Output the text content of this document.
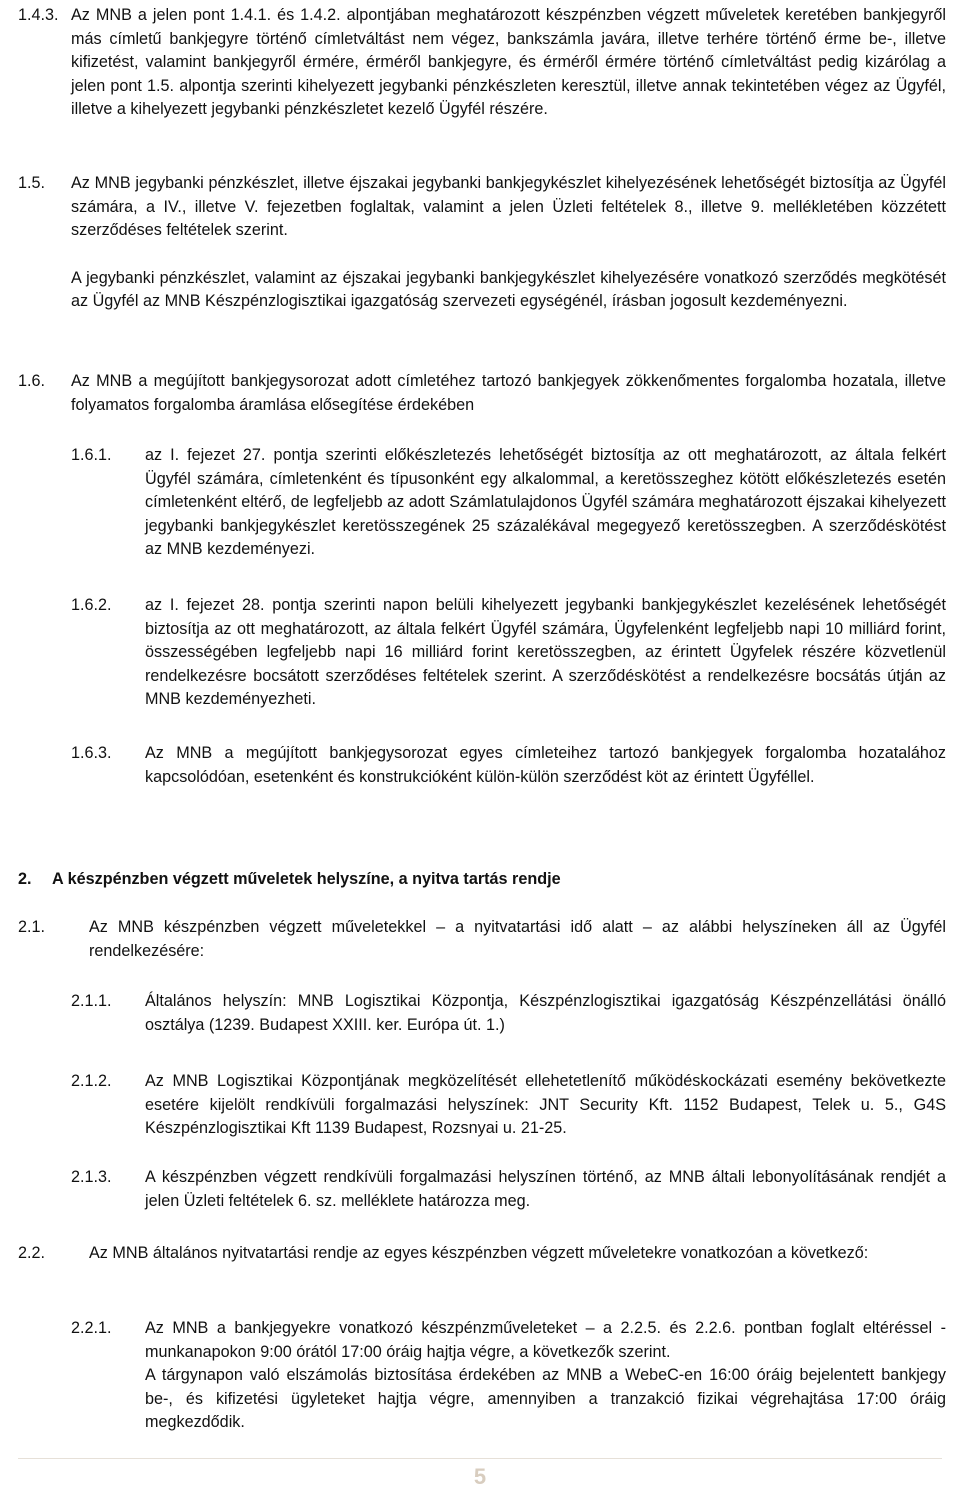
1.4.3. Az MNB a jelen pont 1.4.1. és 1.4.2. alpontjában meghatározott készpénzben végzett műveletek keretében bankjegyről más címletű bankjegyre történő címletváltást nem végez, bankszámla javára, illetve terhére történő érme be-, illetve kifizetést, valamint bankjegyről érmére, érméről bankjegyre, és érméről érmére történő címletváltást pedig kizárólag a jelen pont 1.5. alpontja szerinti kihelyezett jegybanki pénzkészleten keresztül, illetve annak tekintetében végez az Ügyfél, illetve a kihelyezett jegybanki pénzkészletet kezelő Ügyfél részére.

1.5.	Az MNB jegybanki pénzkészlet, illetve éjszakai jegybanki bankjegykészlet kihelyezésének lehetőségét biztosítja az Ügyfél számára, a IV., illetve V. fejezetben foglaltak, valamint a jelen Üzleti feltételek 8., illetve 9. mellékletében közzétett szerződéses feltételek szerint.

A jegybanki pénzkészlet, valamint az éjszakai jegybanki bankjegykészlet kihelyezésére vonatkozó szerződés megkötését az Ügyfél az MNB Készpénzlogisztikai igazgatóság szervezeti egységénél, írásban jogosult kezdeményezni.

1.6.	Az MNB a megújított bankjegysorozat adott címletéhez tartozó bankjegyek zökkenőmentes forgalomba hozatala, illetve folyamatos forgalomba áramlása elősegítése érdekében

1.6.1.	az I. fejezet 27. pontja szerinti előkészletezés lehetőségét biztosítja az ott meghatározott, az általa felkért Ügyfél számára, címletenként és típusonként egy alkalommal, a keretösszeghez kötött előkészletezés esetén címletenként eltérő, de legfeljebb az adott Számlatulajdonos Ügyfél számára meghatározott éjszakai kihelyezett jegybanki bankjegykészlet keretösszegének 25 százalékával megegyező keretösszegben. A szerződéskötést az MNB kezdeményezi.

1.6.2.	az I. fejezet 28. pontja szerinti napon belüli kihelyezett jegybanki bankjegykészlet kezelésének lehetőségét biztosítja az ott meghatározott, az általa felkért Ügyfél számára, Ügyfelenként legfeljebb napi 10 milliárd forint, összességében legfeljebb napi 16 milliárd forint keretösszegben, az érintett Ügyfelek részére közvetlenül rendelkezésre bocsátott szerződéses feltételek szerint. A szerződéskötést a rendelkezésre bocsátás útján az MNB kezdeményezheti.

1.6.3.	Az MNB a megújított bankjegysorozat egyes címleteihez tartozó bankjegyek forgalomba hozatalához kapcsolódóan, esetenként és konstrukcióként külön-külön szerződést köt az érintett Ügyféllel.

2.	A készpénzben végzett műveletek helyszíne, a nyitva tartás rendje
2.1.	Az MNB készpénzben végzett műveletekkel – a nyitvatartási idő alatt – az alábbi helyszíneken áll az Ügyfél rendelkezésére:

2.1.1.	Általános helyszín: MNB Logisztikai Központja, Készpénzlogisztikai igazgatóság Készpénzellátási önálló osztálya (1239. Budapest XXIII. ker. Európa út. 1.)

2.1.2.	Az MNB Logisztikai Központjának megközelítését ellehetetlenítő működéskockázati esemény bekövetkezte esetére kijelölt rendkívüli forgalmazási helyszínek: JNT Security Kft. 1152 Budapest, Telek u. 5., G4S Készpénzlogisztikai Kft 1139 Budapest, Rozsnyai u. 21-25.

2.1.3.	A készpénzben végzett rendkívüli forgalmazási helyszínen történő, az MNB általi lebonyolításának rendjét a jelen Üzleti feltételek 6. sz. melléklete határozza meg.

2.2.	Az MNB általános nyitvatartási rendje az egyes készpénzben végzett műveletekre vonatkozóan a következő:

2.2.1.	Az MNB a bankjegyekre vonatkozó készpénzműveleteket – a 2.2.5. és 2.2.6. pontban foglalt eltéréssel - munkanapokon 9:00 órától 17:00 óráig hajtja végre, a következők szerint.

A tárgynapon való elszámolás biztosítása érdekében az MNB a WebeC-en 16:00 óráig bejelentett bankjegy be-, és kifizetési ügyleteket hajtja végre, amennyiben a tranzakció fizikai végrehajtása 17:00 óráig megkezdődik.

5
